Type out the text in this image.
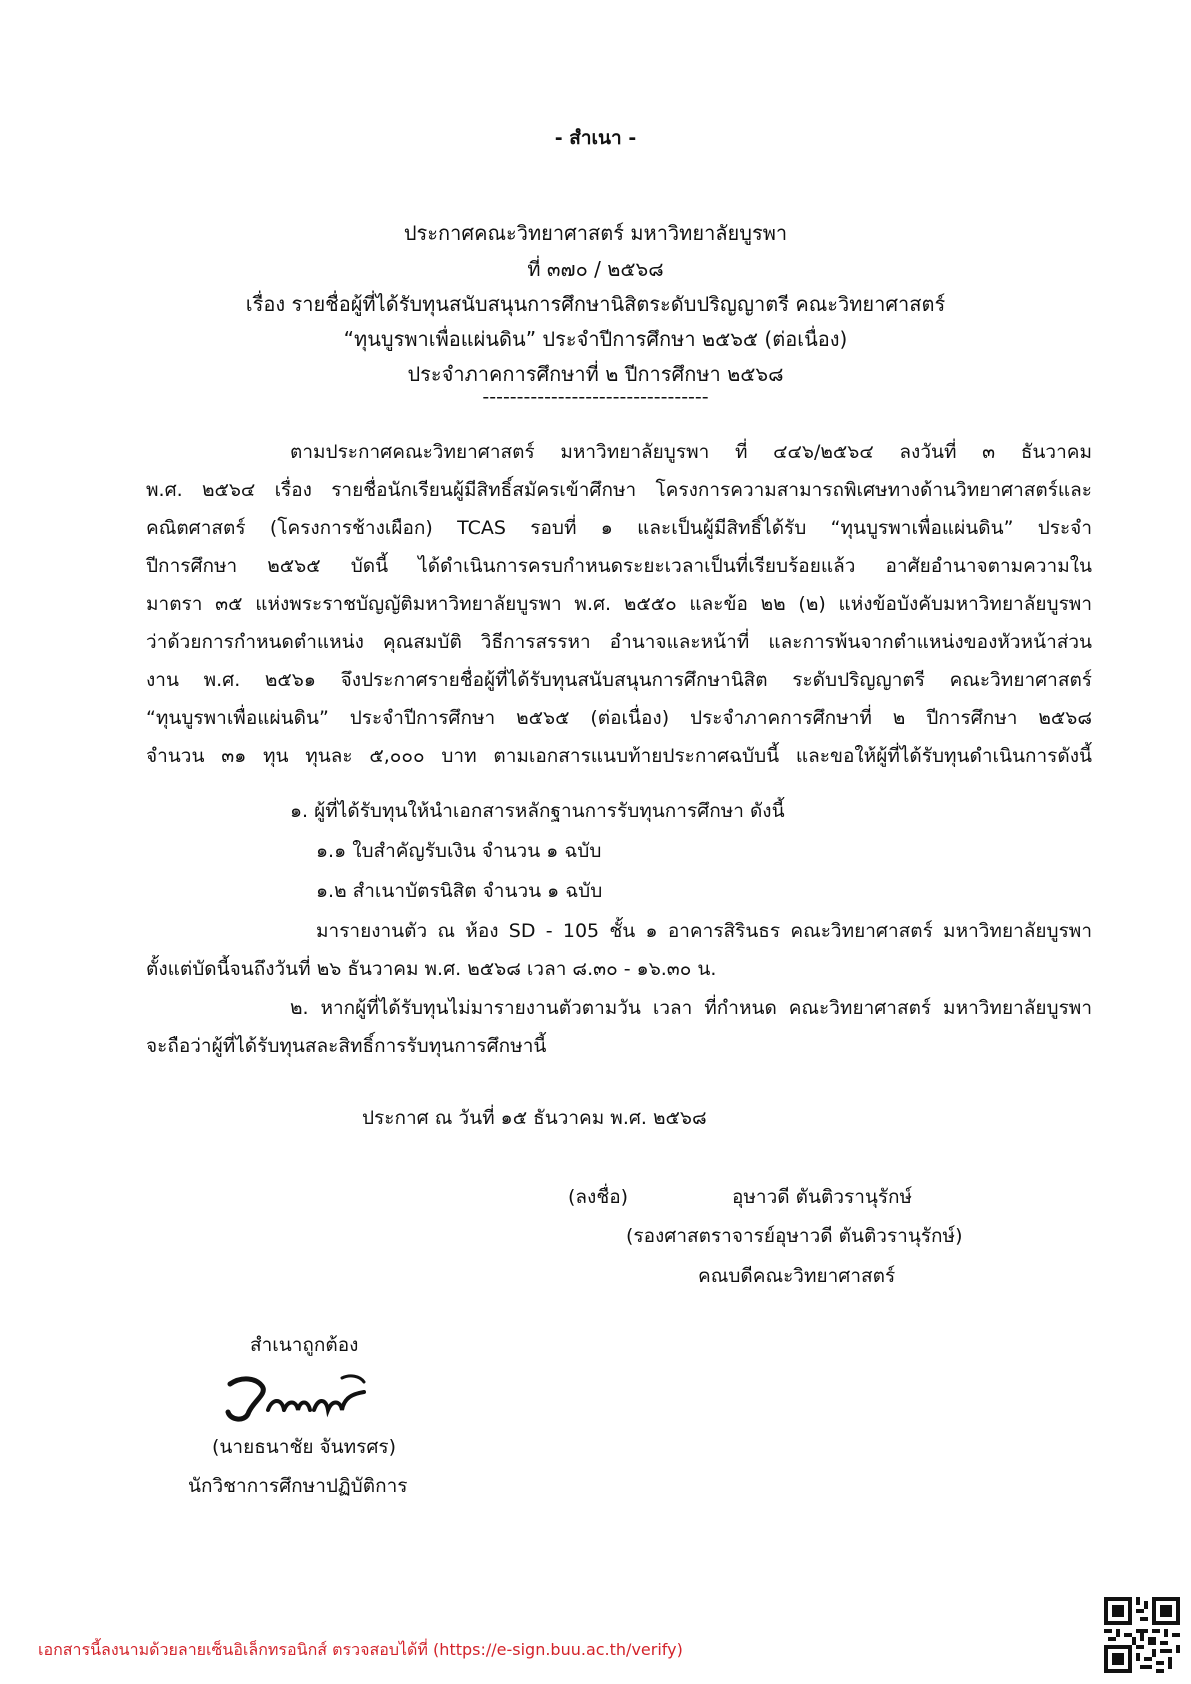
- สำเนา -
ประกาศคณะวิทยาศาสตร์ มหาวิทยาลัยบูรพา
ที่ ๓๗๐ / ๒๕๖๘
เรื่อง รายชื่อผู้ที่ได้รับทุนสนับสนุนการศึกษานิสิตระดับปริญญาตรี คณะวิทยาศาสตร์
“ทุนบูรพาเพื่อแผ่นดิน” ประจำปีการศึกษา ๒๕๖๕ (ต่อเนื่อง)
ประจำภาคการศึกษาที่ ๒ ปีการศึกษา ๒๕๖๘
---------------------------------
ตามประกาศคณะวิทยาศาสตร์ มหาวิทยาลัยบูรพา ที่ ๔๔๖/๒๕๖๔ ลงวันที่ ๓ ธันวาคม
พ.ศ. ๒๕๖๔ เรื่อง รายชื่อนักเรียนผู้มีสิทธิ์สมัครเข้าศึกษา โครงการความสามารถพิเศษทางด้านวิทยาศาสตร์และ
คณิตศาสตร์ (โครงการช้างเผือก) TCAS รอบที่ ๑ และเป็นผู้มีสิทธิ์ได้รับ “ทุนบูรพาเพื่อแผ่นดิน” ประจำ
ปีการศึกษา ๒๕๖๕ บัดนี้ ได้ดำเนินการครบกำหนดระยะเวลาเป็นที่เรียบร้อยแล้ว อาศัยอำนาจตามความใน
มาตรา ๓๕ แห่งพระราชบัญญัติมหาวิทยาลัยบูรพา พ.ศ. ๒๕๕๐ และข้อ ๒๒ (๒) แห่งข้อบังคับมหาวิทยาลัยบูรพา
ว่าด้วยการกำหนดตำแหน่ง คุณสมบัติ วิธีการสรรหา อำนาจและหน้าที่ และการพ้นจากตำแหน่งของหัวหน้าส่วน
งาน พ.ศ. ๒๕๖๑ จึงประกาศรายชื่อผู้ที่ได้รับทุนสนับสนุนการศึกษานิสิต ระดับปริญญาตรี คณะวิทยาศาสตร์
“ทุนบูรพาเพื่อแผ่นดิน” ประจำปีการศึกษา ๒๕๖๕ (ต่อเนื่อง) ประจำภาคการศึกษาที่ ๒ ปีการศึกษา ๒๕๖๘
จำนวน ๓๑ ทุน ทุนละ ๕,๐๐๐ บาท ตามเอกสารแนบท้ายประกาศฉบับนี้ และขอให้ผู้ที่ได้รับทุนดำเนินการดังนี้
๑. ผู้ที่ได้รับทุนให้นำเอกสารหลักฐานการรับทุนการศึกษา ดังนี้
๑.๑ ใบสำคัญรับเงิน จำนวน ๑ ฉบับ
๑.๒ สำเนาบัตรนิสิต จำนวน ๑ ฉบับ
มารายงานตัว ณ ห้อง SD - 105 ชั้น ๑ อาคารสิรินธร คณะวิทยาศาสตร์ มหาวิทยาลัยบูรพา
ตั้งแต่บัดนี้จนถึงวันที่ ๒๖ ธันวาคม พ.ศ. ๒๕๖๘ เวลา ๘.๓๐ - ๑๖.๓๐ น.
๒. หากผู้ที่ได้รับทุนไม่มารายงานตัวตามวัน เวลา ที่กำหนด คณะวิทยาศาสตร์ มหาวิทยาลัยบูรพา
จะถือว่าผู้ที่ได้รับทุนสละสิทธิ์การรับทุนการศึกษานี้
ประกาศ ณ วันที่ ๑๕ ธันวาคม พ.ศ. ๒๕๖๘
(ลงชื่อ)	อุษาวดี ตันติวรานุรักษ์
(รองศาสตราจารย์อุษาวดี ตันติวรานุรักษ์)
คณบดีคณะวิทยาศาสตร์
สำเนาถูกต้อง
(นายธนาชัย จันทรศร)
นักวิชาการศึกษาปฏิบัติการ
เอกสารนี้ลงนามด้วยลายเซ็นอิเล็กทรอนิกส์ ตรวจสอบได้ที่ (https://e-sign.buu.ac.th/verify)
